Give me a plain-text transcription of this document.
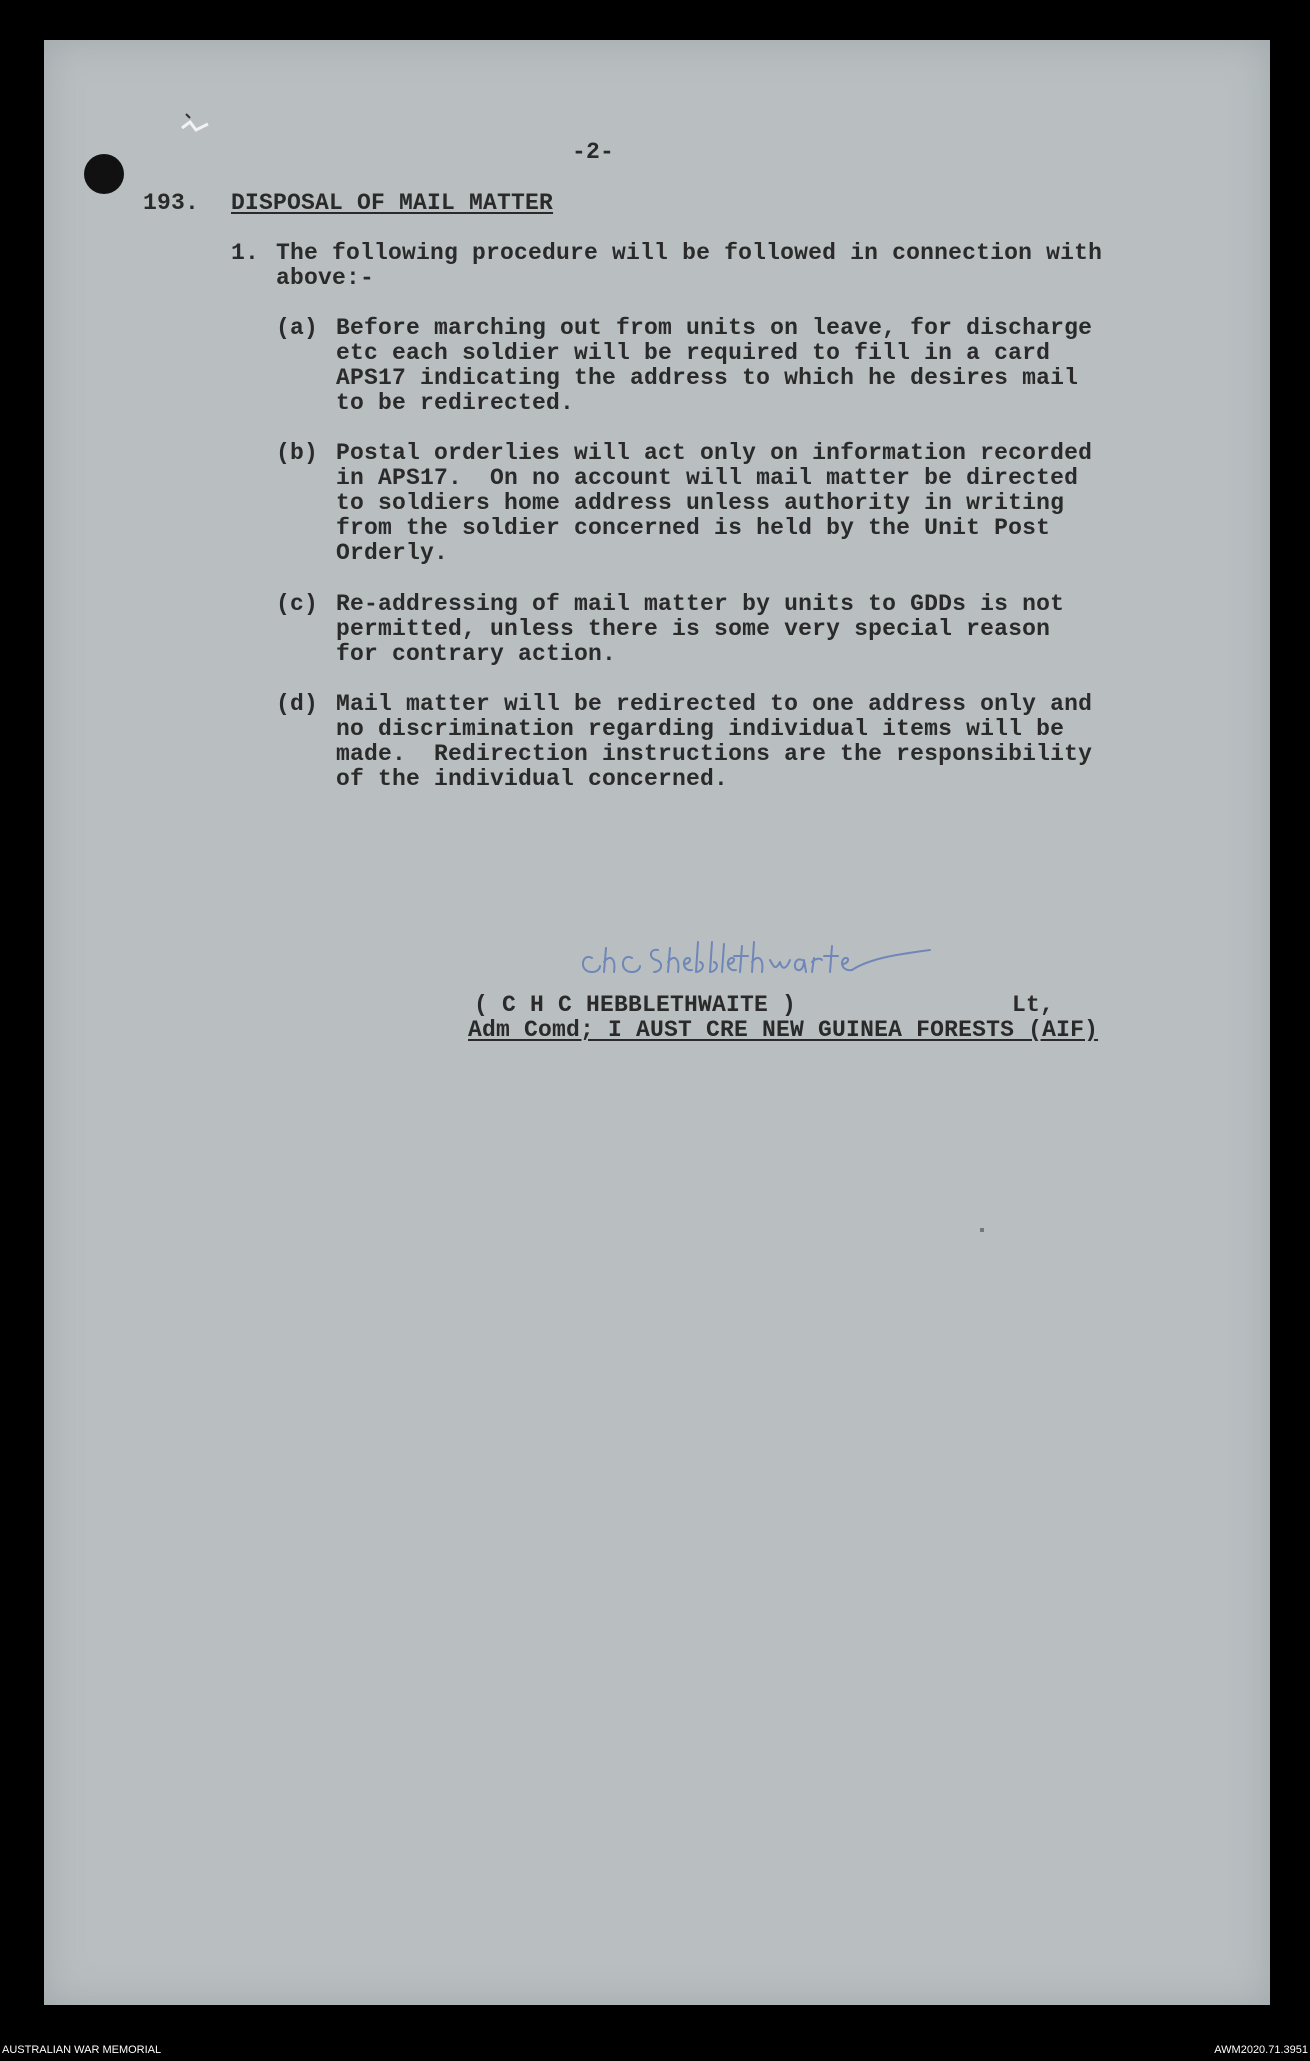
-2-
193. DISPOSAL OF MAIL MATTER
1. The following procedure will be followed in connection with
above:-
(a) Before marching out from units on leave, for discharge
etc each soldier will be required to fill in a card
APS17 indicating the address to which he desires mail
to be redirected.
(b) Postal orderlies will act only on information recorded
in APS17.  On no account will mail matter be directed
to soldiers home address unless authority in writing
from the soldier concerned is held by the Unit Post
Orderly.
(c) Re-addressing of mail matter by units to GDDs is not
permitted, unless there is some very special reason
for contrary action.
(d) Mail matter will be redirected to one address only and
no discrimination regarding individual items will be
made.  Redirection instructions are the responsibility
of the individual concerned.
( C H C HEBBLETHWAITE )	Lt,
Adm Comd; I AUST CRE NEW GUINEA FORESTS (AIF)
AUSTRALIAN WAR MEMORIAL	AWM2020.71.3951
